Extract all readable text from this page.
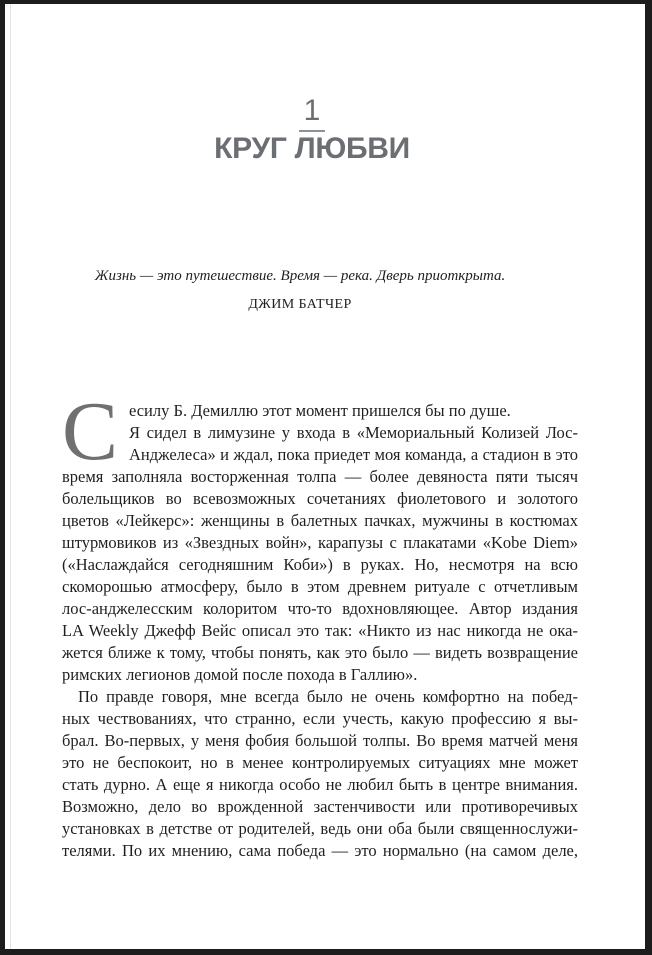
1
КРУГ ЛЮБВИ
Жизнь — это путешествие. Время — река. Дверь приоткрыта.
ДЖИМ БАТЧЕР
С есилу Б. Демиллю этот момент пришелся бы по душе.
Я сидел в лимузине у входа в «Мемориальный Колизей Лос-
Анджелеса» и ждал, пока приедет моя команда, а стадион в это
время заполняла восторженная толпа — более девяноста пяти тысяч
болельщиков во всевозможных сочетаниях фиолетового и золотого
цветов «Лейкерс»: женщины в балетных пачках, мужчины в костюмах
штурмовиков из «Звездных войн», карапузы с плакатами «Kobe Diem»
(«Наслаждайся сегодняшним Коби») в руках. Но, несмотря на всю
скоморошью атмосферу, было в этом древнем ритуале с отчетливым
лос-анджелесским колоритом что-то вдохновляющее. Автор издания
LA Weekly Джефф Вейс описал это так: «Никто из нас никогда не ока-
жется ближе к тому, чтобы понять, как это было — видеть возвращение
римских легионов домой после похода в Галлию».
По правде говоря, мне всегда было не очень комфортно на побед-
ных чествованиях, что странно, если учесть, какую профессию я вы-
брал. Во-первых, у меня фобия большой толпы. Во время матчей меня
это не беспокоит, но в менее контролируемых ситуациях мне может
стать дурно. А еще я никогда особо не любил быть в центре внимания.
Возможно, дело во врожденной застенчивости или противоречивых
установках в детстве от родителей, ведь они оба были священнослужи-
телями. По их мнению, сама победа — это нормально (на самом деле,
